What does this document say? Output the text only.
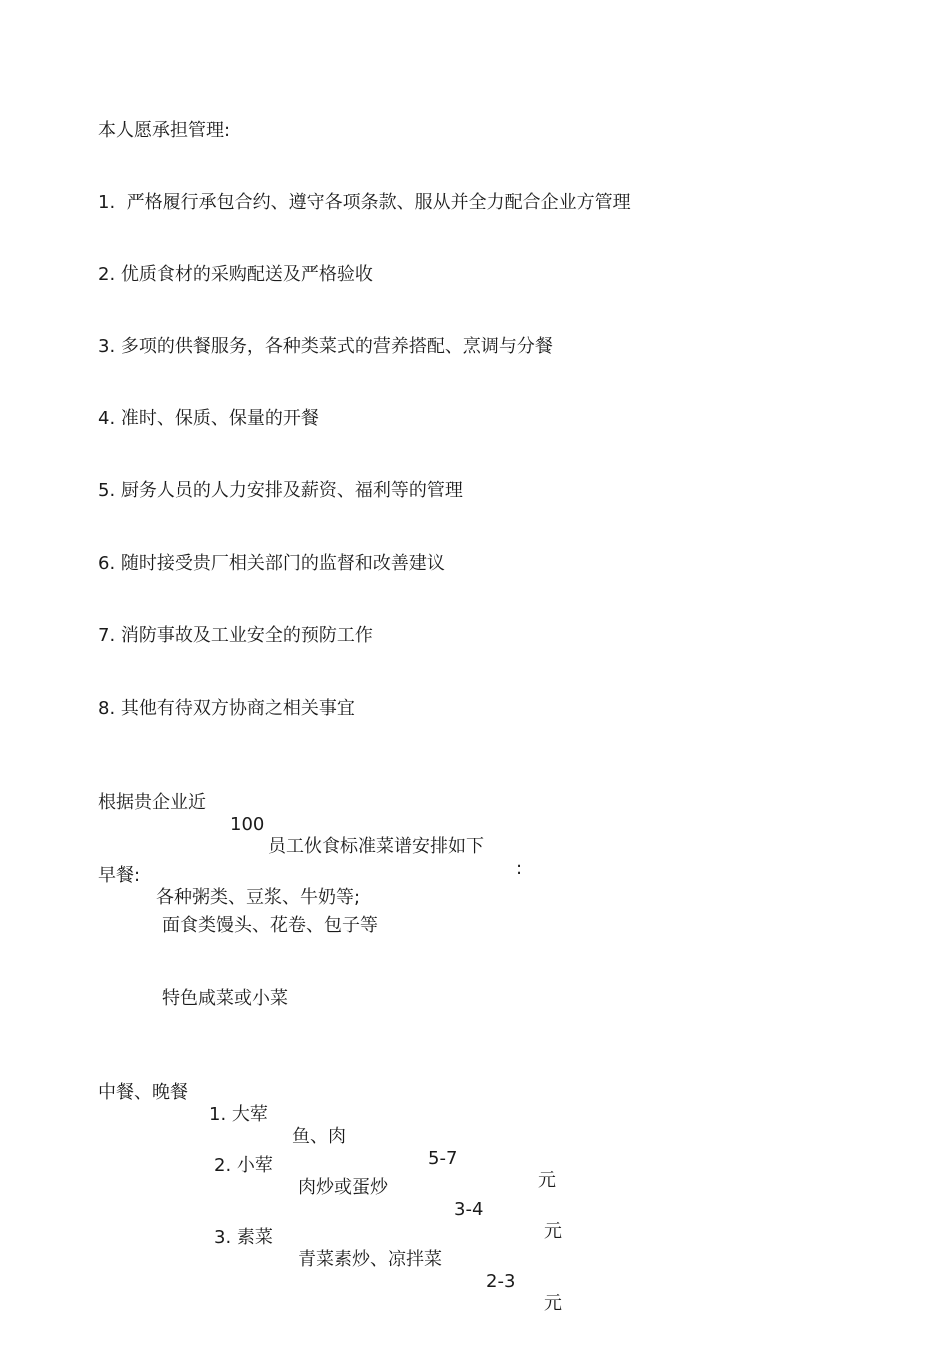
本人愿承担管理:
1.  严格履行承包合约、遵守各项条款、服从并全力配合企业方管理
2. 优质食材的采购配送及严格验收
3. 多项的供餐服务，各种类菜式的营养搭配、烹调与分餐
4. 准时、保质、保量的开餐
5. 厨务人员的人力安排及薪资、福利等的管理
6. 随时接受贵厂相关部门的监督和改善建议
7. 消防事故及工业安全的预防工作
8. 其他有待双方协商之相关事宜

根据贵企业近

100

员工伙食标准菜谱安排如下

:

早餐:

各种粥类、豆浆、牛奶等;

面食类馒头、花卷、包子等
特色咸菜或小菜

中餐、晚餐

1. 大荤

鱼、肉

5-7

元

2. 小荤

肉炒或蛋炒

3-4

元

3. 素菜

青菜素炒、凉拌菜

2-3

元
